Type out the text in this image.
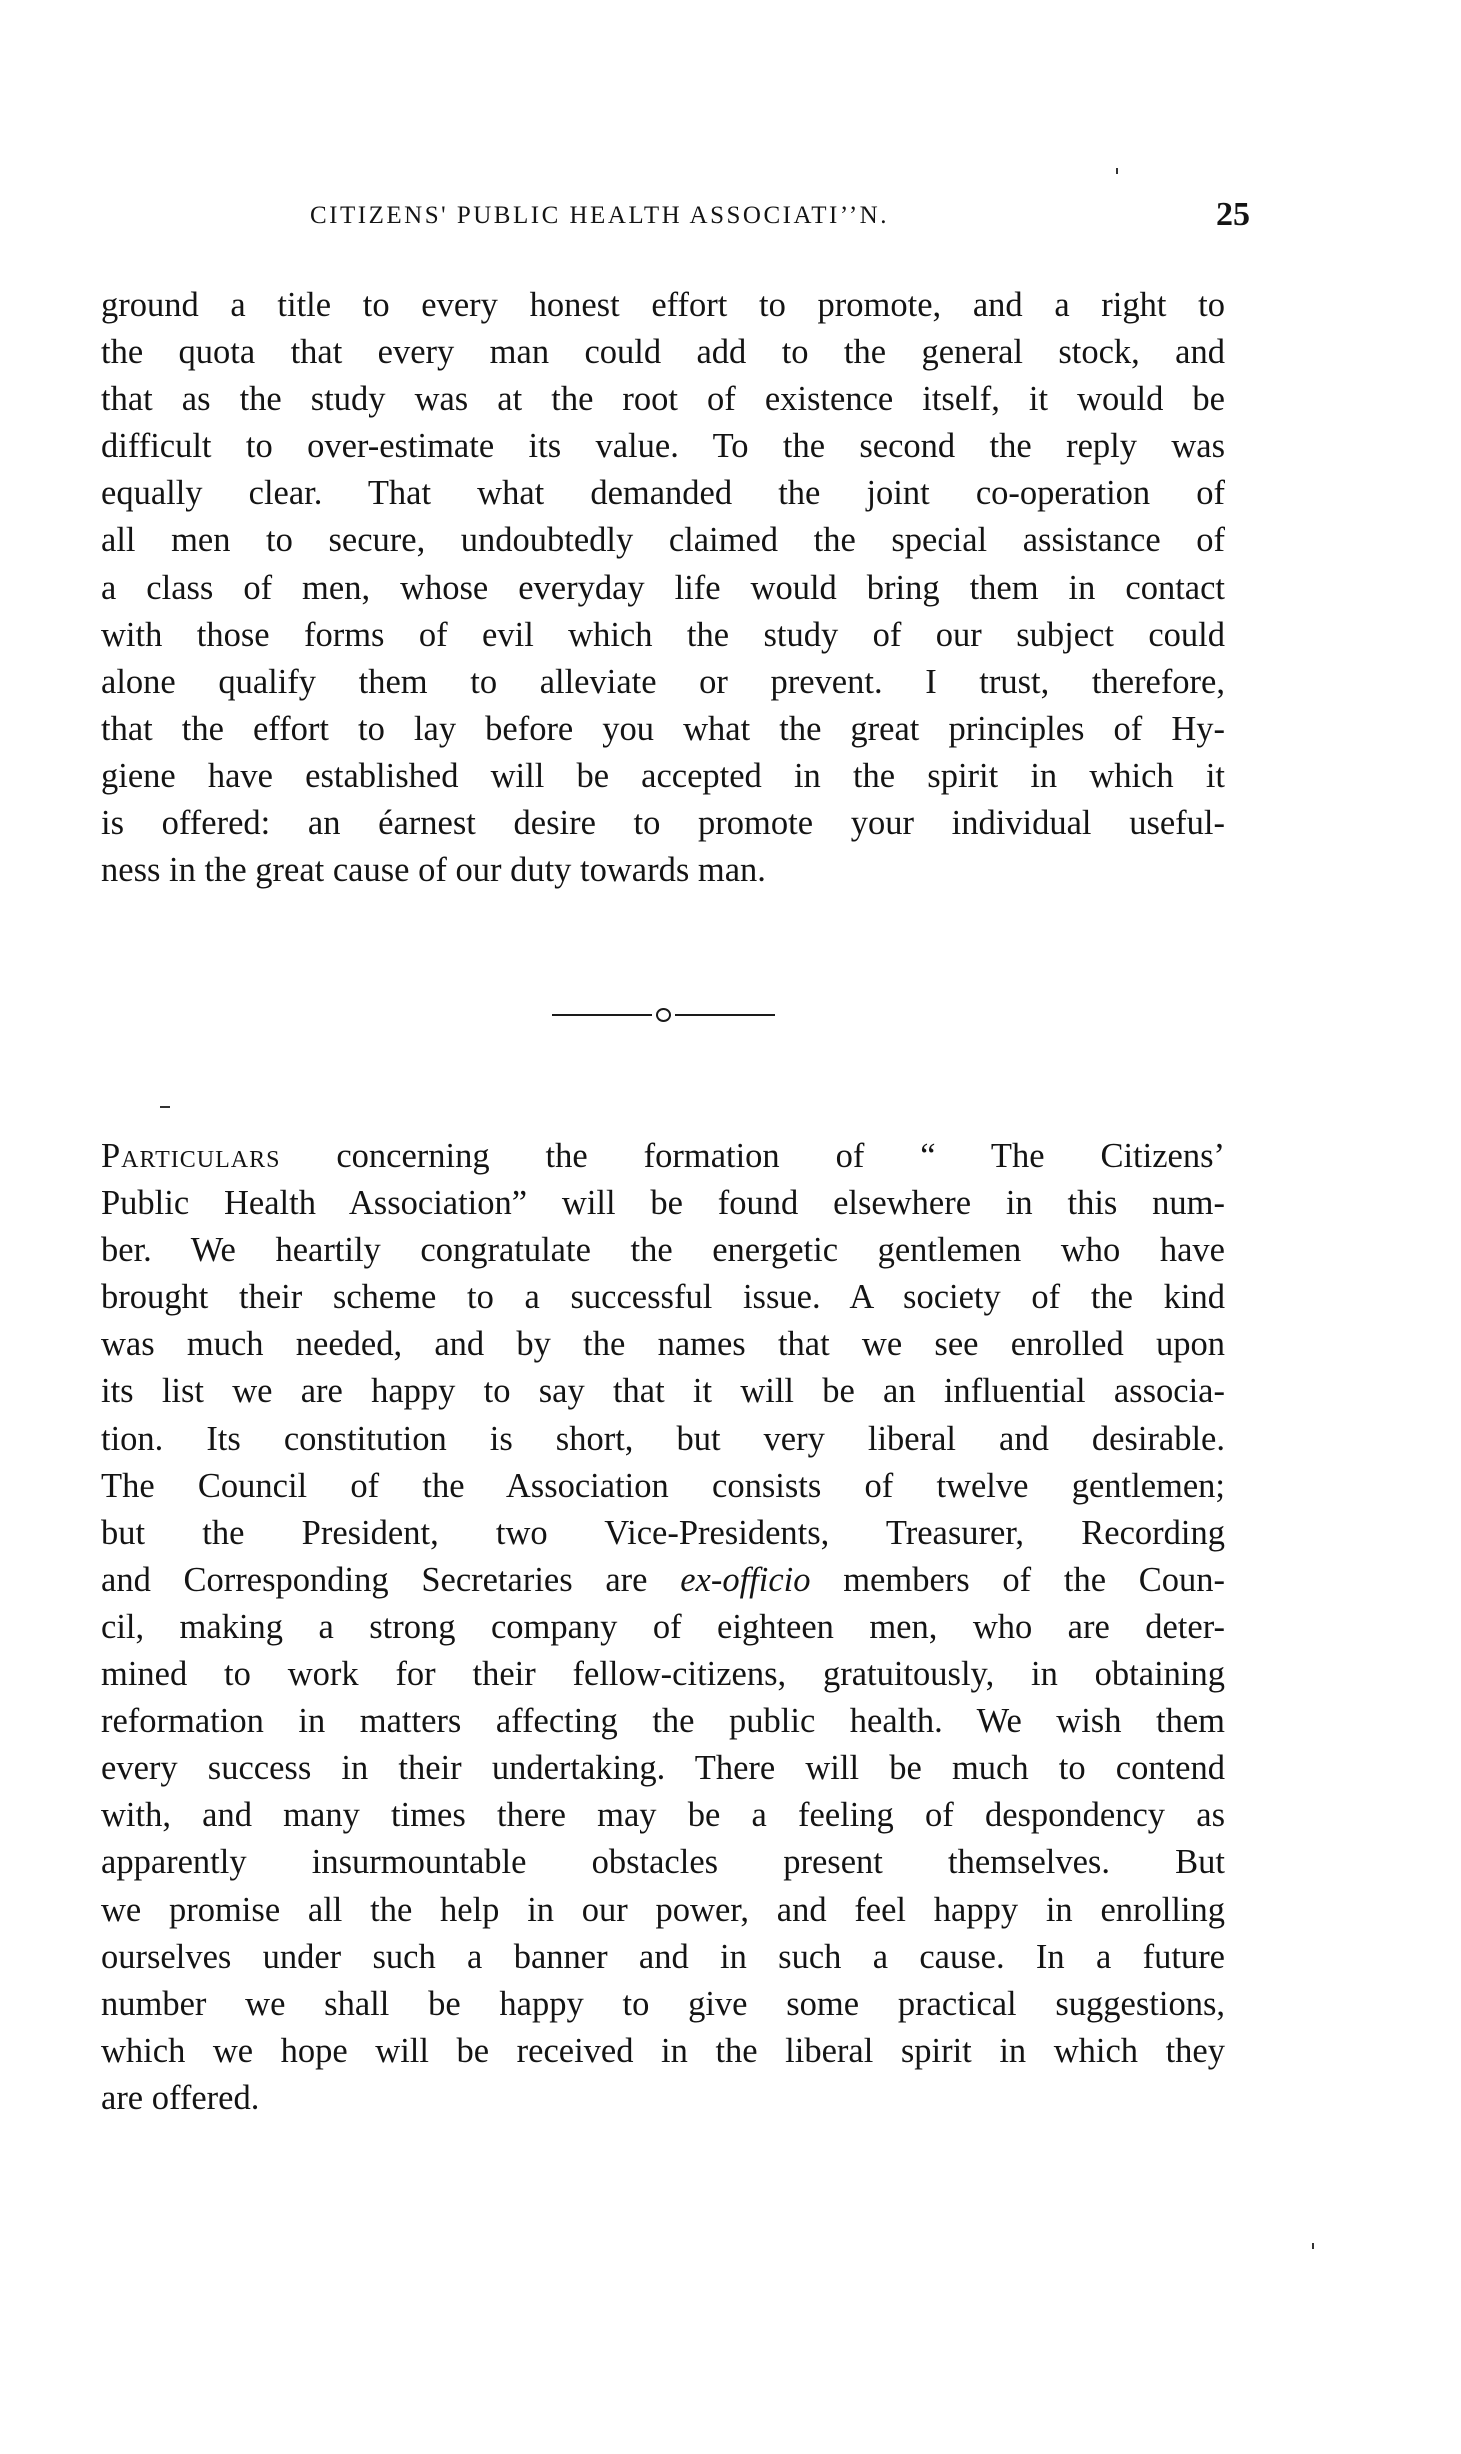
CITIZENS' PUBLIC HEALTH ASSOCIATI’’N.	25
ground a title to every honest effort to promote, and a right to
the quota that every man could add to the general stock, and
that as the study was at the root of existence itself, it would be
difficult to over-estimate its value. To the second the reply was
equally clear. That what demanded the joint co-operation of
all men to secure, undoubtedly claimed the special assistance of
a class of men, whose everyday life would bring them in contact
with those forms of evil which the study of our subject could
alone qualify them to alleviate or prevent. I trust, therefore,
that the effort to lay before you what the great principles of Hy-
giene have established will be accepted in the spirit in which it
is offered: an éarnest desire to promote your individual useful-
ness in the great cause of our duty towards man.
Particulars concerning the formation of “ The Citizens’
Public Health Association” will be found elsewhere in this num-
ber. We heartily congratulate the energetic gentlemen who have
brought their scheme to a successful issue. A society of the kind
was much needed, and by the names that we see enrolled upon
its list we are happy to say that it will be an influential associa-
tion. Its constitution is short, but very liberal and desirable.
The Council of the Association consists of twelve gentlemen;
but the President, two Vice-Presidents, Treasurer, Recording
and Corresponding Secretaries are ex-officio members of the Coun-
cil, making a strong company of eighteen men, who are deter-
mined to work for their fellow-citizens, gratuitously, in obtaining
reformation in matters affecting the public health. We wish them
every success in their undertaking. There will be much to contend
with, and many times there may be a feeling of despondency as
apparently insurmountable obstacles present themselves. But
we promise all the help in our power, and feel happy in enrolling
ourselves under such a banner and in such a cause. In a future
number we shall be happy to give some practical suggestions,
which we hope will be received in the liberal spirit in which they
are offered.
